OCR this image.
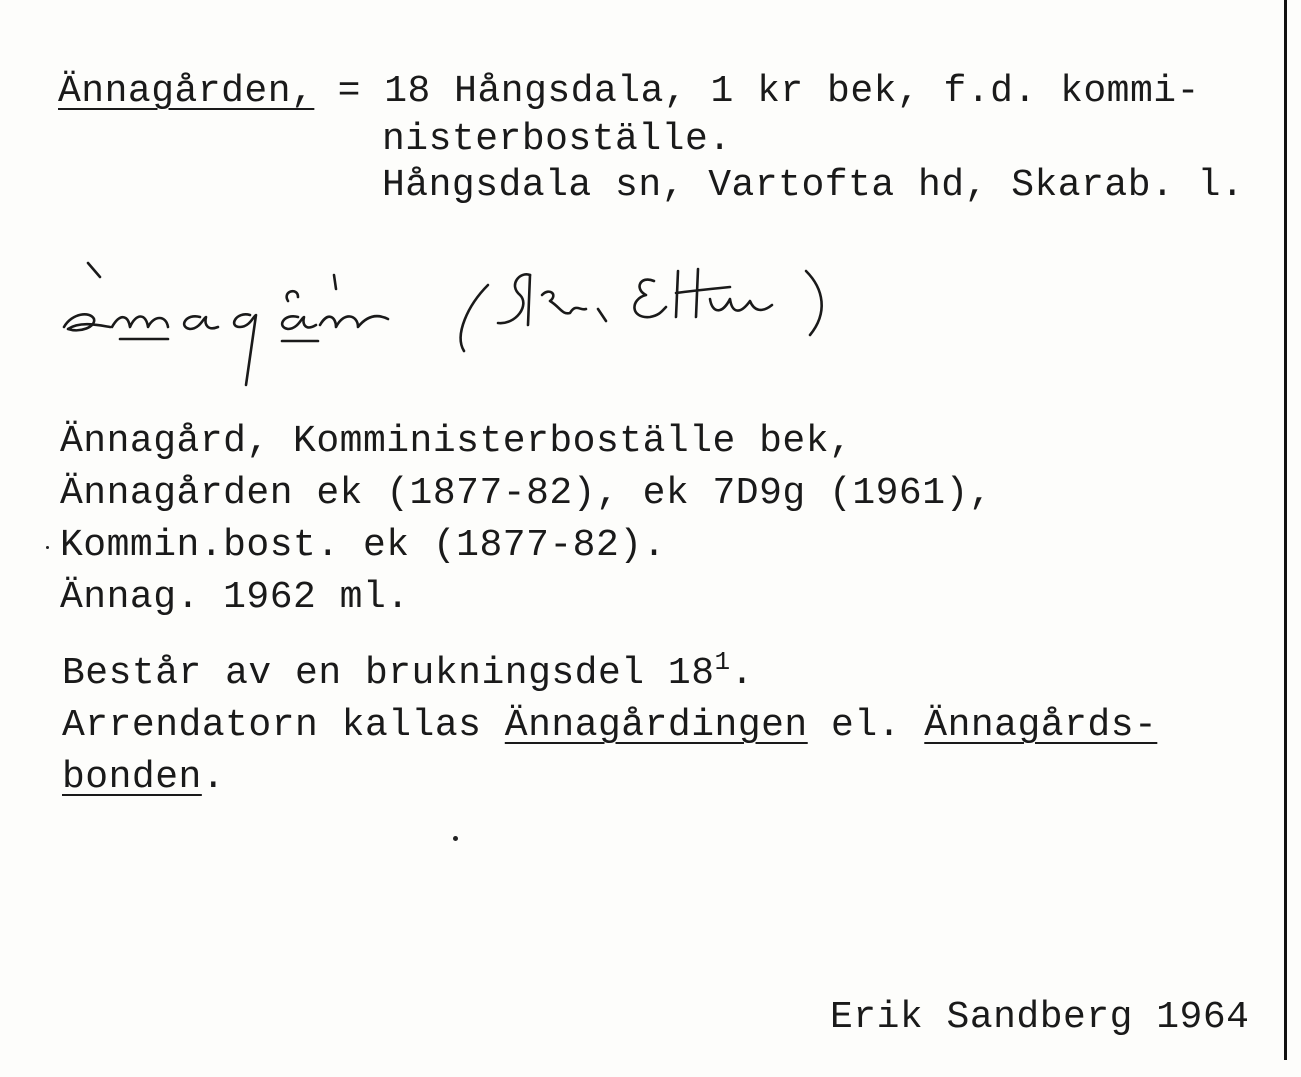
Ännagården, = 18 Hångsdala, 1 kr bek, f.d. kommi-
nisterboställe.
Hångsdala sn, Vartofta hd, Skarab. l.
Ännagård, Komministerboställe bek,
Ännagården ek (1877-82), ek 7D9g (1961),
Kommin.bost. ek (1877-82).
Ännag. 1962 ml.
Består av en brukningsdel $18^1$.
Arrendatorn kallas Ännagårdingen el. Ännagårds-
bonden.
Erik Sandberg 1964
